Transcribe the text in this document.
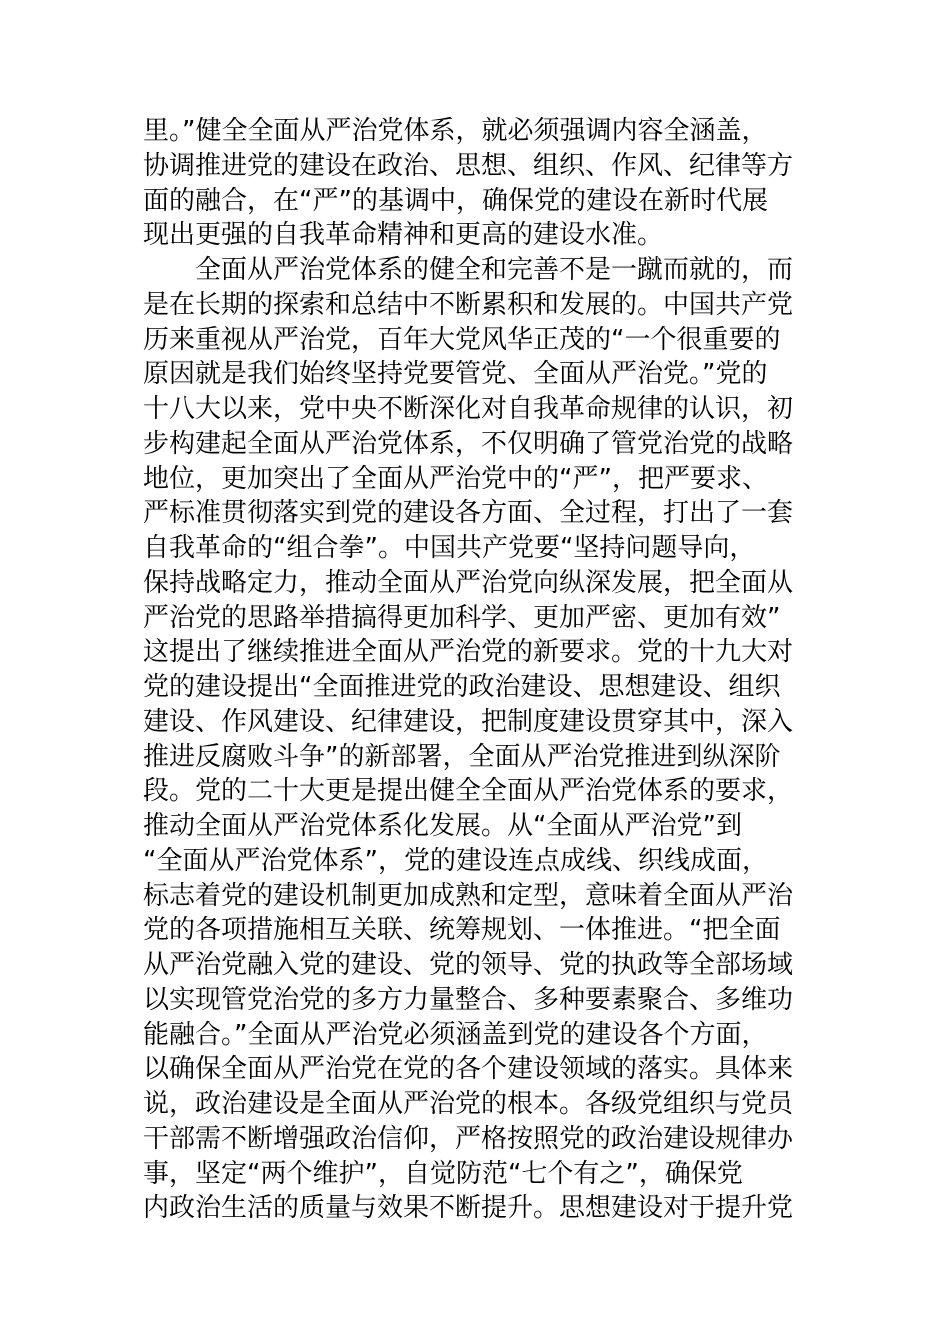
里。”健全全面从严治党体系，就必须强调内容全涵盖，
协调推进党的建设在政治、思想、组织、作风、纪律等方
面的融合，在“严”的基调中，确保党的建设在新时代展
现出更强的自我革命精神和更高的建设水准。
　　全面从严治党体系的健全和完善不是一蹴而就的，而
是在长期的探索和总结中不断累积和发展的。中国共产党
历来重视从严治党，百年大党风华正茂的“一个很重要的
原因就是我们始终坚持党要管党、全面从严治党。”党的
十八大以来，党中央不断深化对自我革命规律的认识，初
步构建起全面从严治党体系，不仅明确了管党治党的战略
地位，更加突出了全面从严治党中的“严”，把严要求、
严标准贯彻落实到党的建设各方面、全过程，打出了一套
自我革命的“组合拳”。中国共产党要“坚持问题导向，
保持战略定力，推动全面从严治党向纵深发展，把全面从
严治党的思路举措搞得更加科学、更加严密、更加有效”
这提出了继续推进全面从严治党的新要求。党的十九大对
党的建设提出“全面推进党的政治建设、思想建设、组织
建设、作风建设、纪律建设，把制度建设贯穿其中，深入
推进反腐败斗争”的新部署，全面从严治党推进到纵深阶
段。党的二十大更是提出健全全面从严治党体系的要求，
推动全面从严治党体系化发展。从“全面从严治党”到
“全面从严治党体系”，党的建设连点成线、织线成面，
标志着党的建设机制更加成熟和定型，意味着全面从严治
党的各项措施相互关联、统筹规划、一体推进。“把全面
从严治党融入党的建设、党的领导、党的执政等全部场域
以实现管党治党的多方力量整合、多种要素聚合、多维功
能融合。”全面从严治党必须涵盖到党的建设各个方面，
以确保全面从严治党在党的各个建设领域的落实。具体来
说，政治建设是全面从严治党的根本。各级党组织与党员
干部需不断增强政治信仰，严格按照党的政治建设规律办
事，坚定“两个维护”，自觉防范“七个有之”，确保党
内政治生活的质量与效果不断提升。思想建设对于提升党
